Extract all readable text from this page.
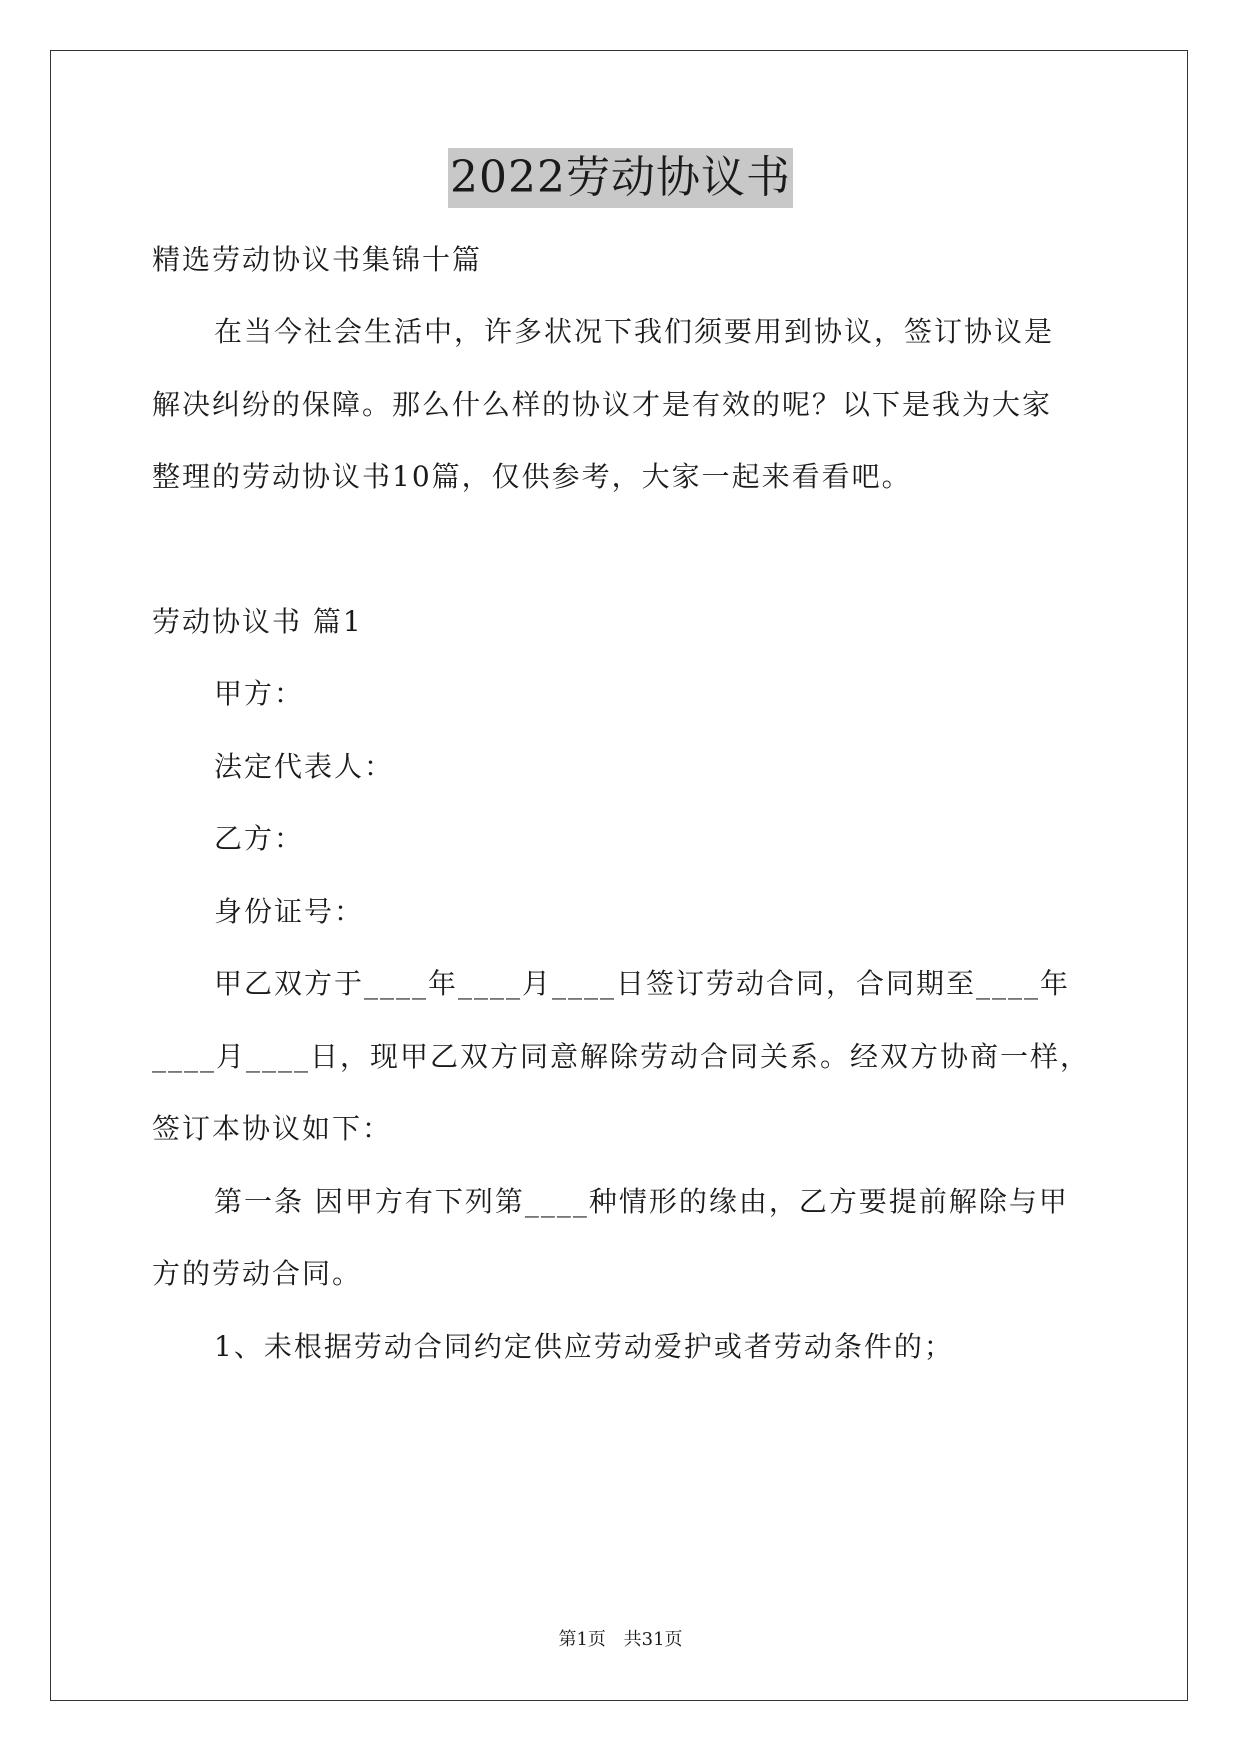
2022劳动协议书
精选劳动协议书集锦十篇
在当今社会生活中，许多状况下我们须要用到协议，签订协议是
解决纠纷的保障。那么什么样的协议才是有效的呢？以下是我为大家
整理的劳动协议书10篇，仅供参考，大家一起来看看吧。
劳动协议书 篇1
甲方：
法定代表人：
乙方：
身份证号：
甲乙双方于____年____月____日签订劳动合同，合同期至____年
____月____日，现甲乙双方同意解除劳动合同关系。经双方协商一样，
签订本协议如下：
第一条 因甲方有下列第____种情形的缘由，乙方要提前解除与甲
方的劳动合同。
1、未根据劳动合同约定供应劳动爱护或者劳动条件的；
第1页 共31页
